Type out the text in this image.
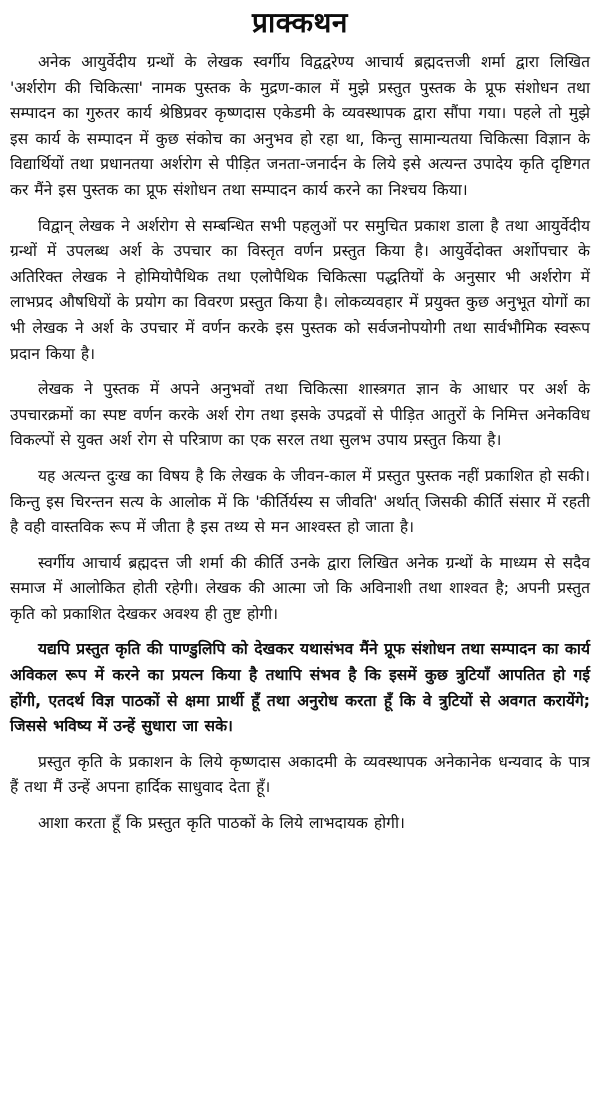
प्राक्कथन

अनेक आयुर्वेदीय ग्रन्थों के लेखक स्वर्गीय विद्वद्वरेण्य आचार्य ब्रह्मदत्तजी शर्मा द्वारा लिखित 'अर्शरोग की चिकित्सा' नामक पुस्तक के मुद्रण-काल में मुझे प्रस्तुत पुस्तक के प्रूफ संशोधन तथा सम्पादन का गुरुतर कार्य श्रेष्ठिप्रवर कृष्णदास एकेडमी के व्यवस्थापक द्वारा सौंपा गया। पहले तो मुझे इस कार्य के सम्पादन में कुछ संकोच का अनुभव हो रहा था, किन्तु सामान्यतया चिकित्सा विज्ञान के विद्यार्थियों तथा प्रधानतया अर्शरोग से पीड़ित जनता-जनार्दन के लिये इसे अत्यन्त उपादेय कृति दृष्टिगत कर मैंने इस पुस्तक का प्रूफ संशोधन तथा सम्पादन कार्य करने का निश्चय किया।

विद्वान् लेखक ने अर्शरोग से सम्बन्धित सभी पहलुओं पर समुचित प्रकाश डाला है तथा आयुर्वेदीय ग्रन्थों में उपलब्ध अर्श के उपचार का विस्तृत वर्णन प्रस्तुत किया है। आयुर्वेदोक्त अर्शोपचार के अतिरिक्त लेखक ने होमियोपैथिक तथा एलोपैथिक चिकित्सा पद्धतियों के अनुसार भी अर्शरोग में लाभप्रद औषधियों के प्रयोग का विवरण प्रस्तुत किया है। लोकव्यवहार में प्रयुक्त कुछ अनुभूत योगों का भी लेखक ने अर्श के उपचार में वर्णन करके इस पुस्तक को सर्वजनोपयोगी तथा सार्वभौमिक स्वरूप प्रदान किया है।

लेखक ने पुस्तक में अपने अनुभवों तथा चिकित्सा शास्त्रगत ज्ञान के आधार पर अर्श के उपचारक्रमों का स्पष्ट वर्णन करके अर्श रोग तथा इसके उपद्रवों से पीड़ित आतुरों के निमित्त अनेकविध विकल्पों से युक्त अर्श रोग से परित्राण का एक सरल तथा सुलभ उपाय प्रस्तुत किया है।

यह अत्यन्त दुःख का विषय है कि लेखक के जीवन-काल में प्रस्तुत पुस्तक नहीं प्रकाशित हो सकी। किन्तु इस चिरन्तन सत्य के आलोक में कि 'कीर्तिर्यस्य स जीवति' अर्थात् जिसकी कीर्ति संसार में रहती है वही वास्तविक रूप में जीता है इस तथ्य से मन आश्वस्त हो जाता है।

स्वर्गीय आचार्य ब्रह्मदत्त जी शर्मा की कीर्ति उनके द्वारा लिखित अनेक ग्रन्थों के माध्यम से सदैव समाज में आलोकित होती रहेगी। लेखक की आत्मा जो कि अविनाशी तथा शाश्वत है; अपनी प्रस्तुत कृति को प्रकाशित देखकर अवश्य ही तुष्ट होगी।

यद्यपि प्रस्तुत कृति की पाण्डुलिपि को देखकर यथासंभव मैंने प्रूफ संशोधन तथा सम्पादन का कार्य अविकल रूप में करने का प्रयत्न किया है तथापि संभव है कि इसमें कुछ त्रुटियाँ आपतित हो गई होंगी, एतदर्थ विज्ञ पाठकों से क्षमा प्रार्थी हूँ तथा अनुरोध करता हूँ कि वे त्रुटियों से अवगत करायेंगे; जिससे भविष्य में उन्हें सुधारा जा सके।

प्रस्तुत कृति के प्रकाशन के लिये कृष्णदास अकादमी के व्यवस्थापक अनेकानेक धन्यवाद के पात्र हैं तथा मैं उन्हें अपना हार्दिक साधुवाद देता हूँ।

आशा करता हूँ कि प्रस्तुत कृति पाठकों के लिये लाभदायक होगी।
